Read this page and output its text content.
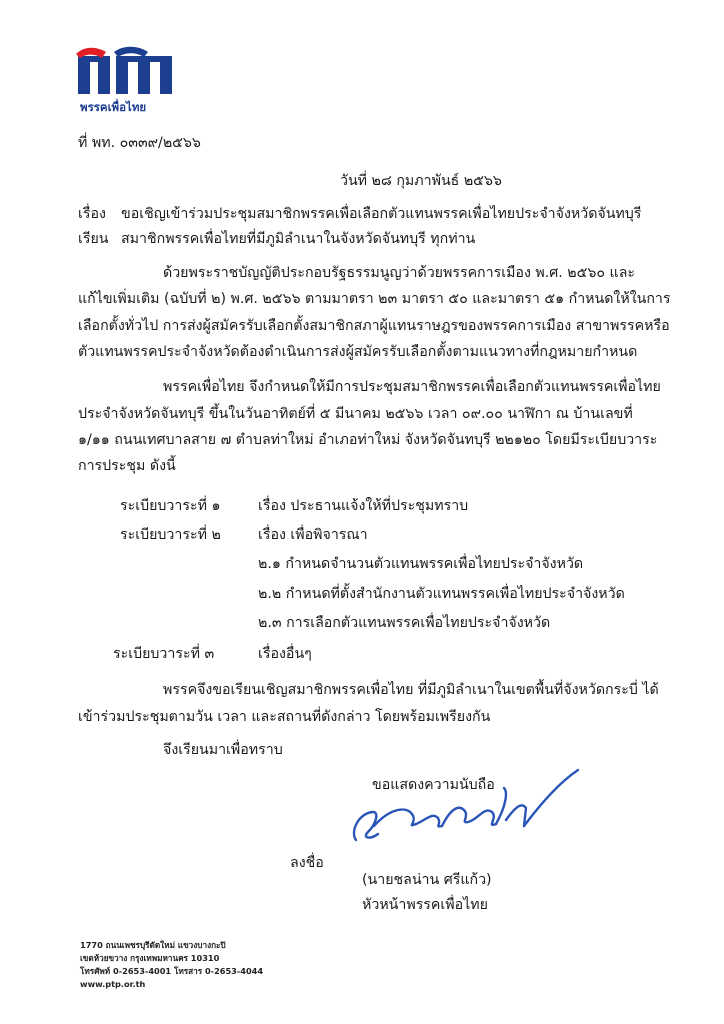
พรรคเพื่อไทย
ที่ พท. ๐๓๓๙/๒๕๖๖
วันที่ ๒๘ กุมภาพันธ์ ๒๕๖๖
เรื่อง ขอเชิญเข้าร่วมประชุมสมาชิกพรรคเพื่อเลือกตัวแทนพรรคเพื่อไทยประจำจังหวัดจันทบุรี
เรียน สมาชิกพรรคเพื่อไทยที่มีภูมิลำเนาในจังหวัดจันทบุรี ทุกท่าน
ด้วยพระราชบัญญัติประกอบรัฐธรรมนูญว่าด้วยพรรคการเมือง พ.ศ. ๒๕๖๐ และ
แก้ไขเพิ่มเติม (ฉบับที่ ๒) พ.ศ. ๒๕๖๖ ตามมาตรา ๒๓ มาตรา ๕๐ และมาตรา ๕๑ กำหนดให้ในการ
เลือกตั้งทั่วไป การส่งผู้สมัครรับเลือกตั้งสมาชิกสภาผู้แทนราษฎรของพรรคการเมือง สาขาพรรคหรือ
ตัวแทนพรรคประจำจังหวัดต้องดำเนินการส่งผู้สมัครรับเลือกตั้งตามแนวทางที่กฎหมายกำหนด
พรรคเพื่อไทย จึงกำหนดให้มีการประชุมสมาชิกพรรคเพื่อเลือกตัวแทนพรรคเพื่อไทย
ประจำจังหวัดจันทบุรี ขึ้นในวันอาทิตย์ที่ ๕ มีนาคม ๒๕๖๖ เวลา ๐๙.๐๐ นาฬิกา ณ บ้านเลขที่
๑/๑๑ ถนนเทศบาลสาย ๗ ตำบลท่าใหม่ อำเภอท่าใหม่ จังหวัดจันทบุรี ๒๒๑๒๐ โดยมีระเบียบวาระ
การประชุม ดังนี้
ระเบียบวาระที่ ๑	เรื่อง ประธานแจ้งให้ที่ประชุมทราบ
ระเบียบวาระที่ ๒	เรื่อง เพื่อพิจารณา
๒.๑ กำหนดจำนวนตัวแทนพรรคเพื่อไทยประจำจังหวัด
๒.๒ กำหนดที่ตั้งสำนักงานตัวแทนพรรคเพื่อไทยประจำจังหวัด
๒.๓ การเลือกตัวแทนพรรคเพื่อไทยประจำจังหวัด
ระเบียบวาระที่ ๓	เรื่องอื่นๆ
พรรคจึงขอเรียนเชิญสมาชิกพรรคเพื่อไทย ที่มีภูมิลำเนาในเขตพื้นที่จังหวัดกระบี่ ได้
เข้าร่วมประชุมตามวัน เวลา และสถานที่ดังกล่าว โดยพร้อมเพรียงกัน
จึงเรียนมาเพื่อทราบ
ขอแสดงความนับถือ
ลงชื่อ
(นายชลน่าน ศรีแก้ว)
หัวหน้าพรรคเพื่อไทย
1770 ถนนเพชรบุรีตัดใหม่ แขวงบางกะปิ
เขตห้วยขวาง กรุงเทพมหานคร 10310
โทรศัพท์ 0-2653-4001 โทรสาร 0-2653-4044
www.ptp.or.th
